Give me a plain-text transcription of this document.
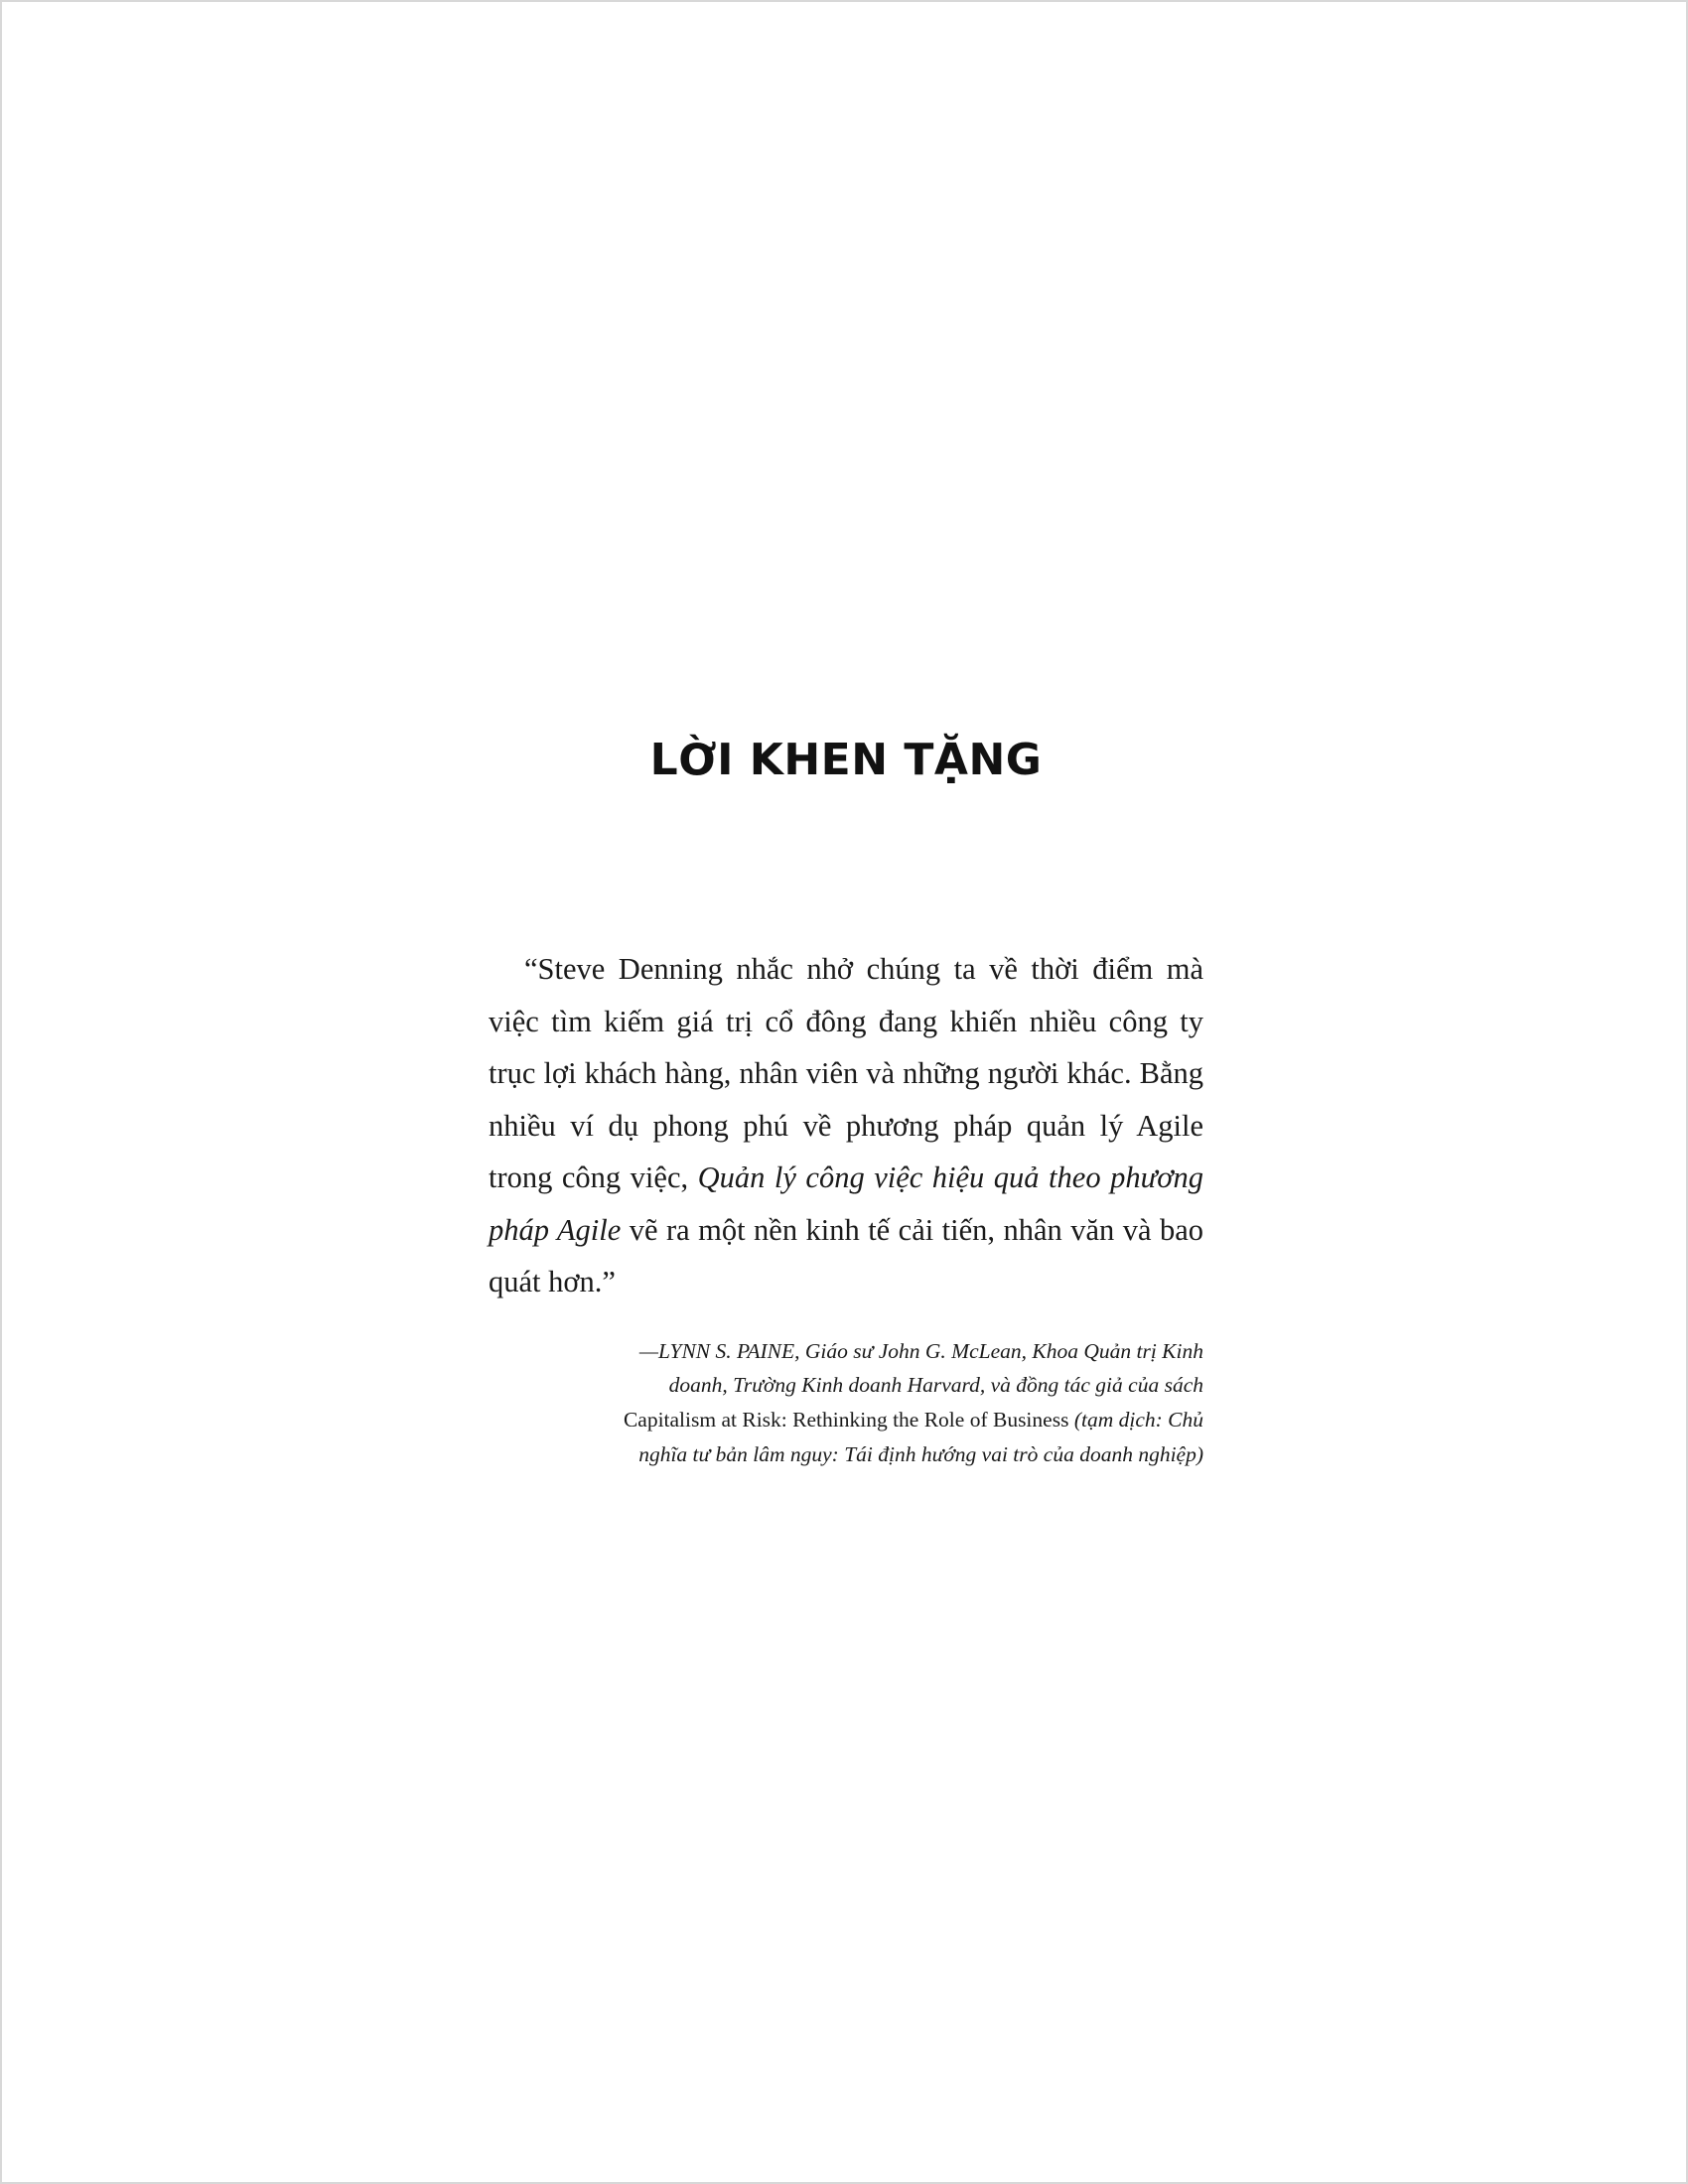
LỜI KHEN TẶNG

“Steve Denning nhắc nhở chúng ta về thời điểm mà việc tìm kiếm giá trị cổ đông đang khiến nhiều công ty trục lợi khách hàng, nhân viên và những người khác. Bằng nhiều ví dụ phong phú về phương pháp quản lý Agile trong công việc, Quản lý công việc hiệu quả theo phương pháp Agile vẽ ra một nền kinh tế cải tiến, nhân văn và bao quát hơn.”

—LYNN S. PAINE, Giáo sư John G. McLean, Khoa Quản trị Kinh doanh, Trường Kinh doanh Harvard, và đồng tác giả của sách Capitalism at Risk: Rethinking the Role of Business (tạm dịch: Chủ nghĩa tư bản lâm nguy: Tái định hướng vai trò của doanh nghiệp)
